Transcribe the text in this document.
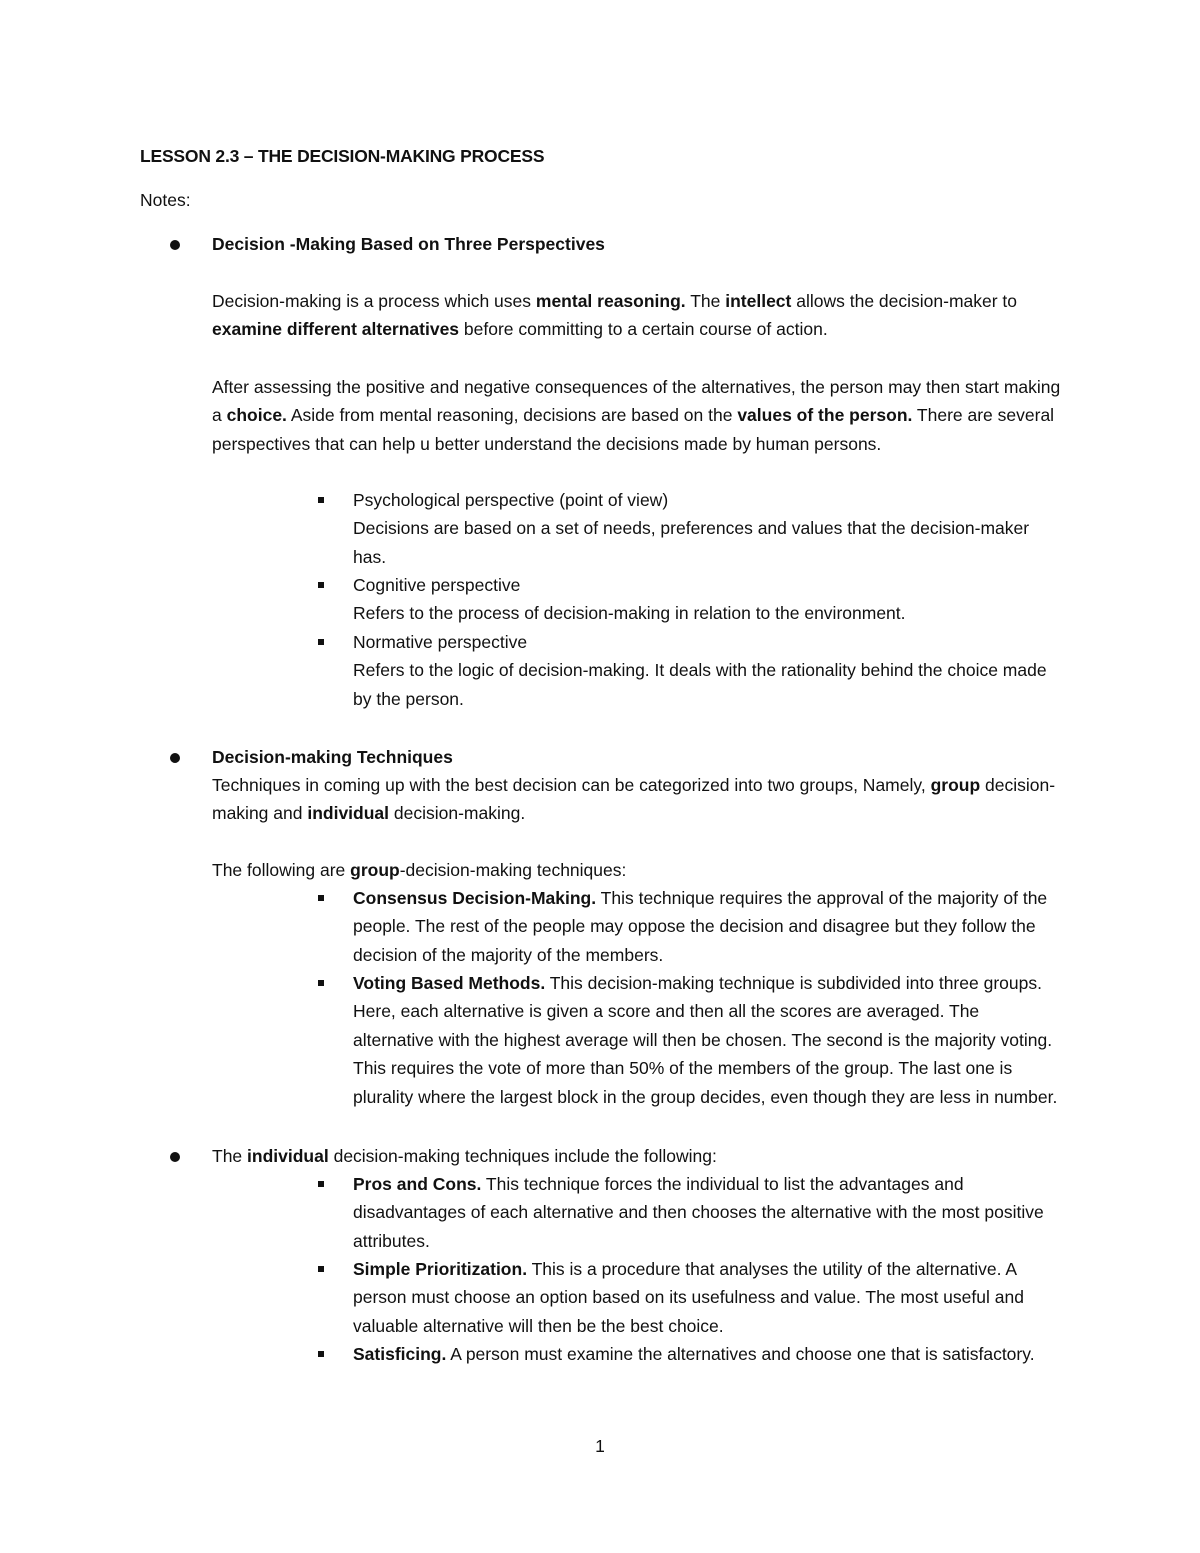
LESSON 2.3 – THE DECISION-MAKING PROCESS
Notes:
Decision -Making Based on Three Perspectives

Decision-making is a process which uses mental reasoning. The intellect allows the decision-maker to examine different alternatives before committing to a certain course of action.

After assessing the positive and negative consequences of the alternatives, the person may then start making a choice. Aside from mental reasoning, decisions are based on the values of the person. There are several perspectives that can help u better understand the decisions made by human persons.

Psychological perspective (point of view)
Decisions are based on a set of needs, preferences and values that the decision-maker has.
Cognitive perspective
Refers to the process of decision-making in relation to the environment.
Normative perspective
Refers to the logic of decision-making. It deals with the rationality behind the choice made by the person.
Decision-making Techniques

Techniques in coming up with the best decision can be categorized into two groups, Namely, group decision-making and individual decision-making.

The following are group-decision-making techniques:

Consensus Decision-Making. This technique requires the approval of the majority of the people. The rest of the people may oppose the decision and disagree but they follow the decision of the majority of the members.

Voting Based Methods. This decision-making technique is subdivided into three groups. Here, each alternative is given a score and then all the scores are averaged. The alternative with the highest average will then be chosen. The second is the majority voting. This requires the vote of more than 50% of the members of the group. The last one is plurality where the largest block in the group decides, even though they are less in number.

The individual decision-making techniques include the following:

Pros and Cons. This technique forces the individual to list the advantages and disadvantages of each alternative and then chooses the alternative with the most positive attributes.

Simple Prioritization. This is a procedure that analyses the utility of the alternative. A person must choose an option based on its usefulness and value. The most useful and valuable alternative will then be the best choice.

Satisficing. A person must examine the alternatives and choose one that is satisfactory.

1
